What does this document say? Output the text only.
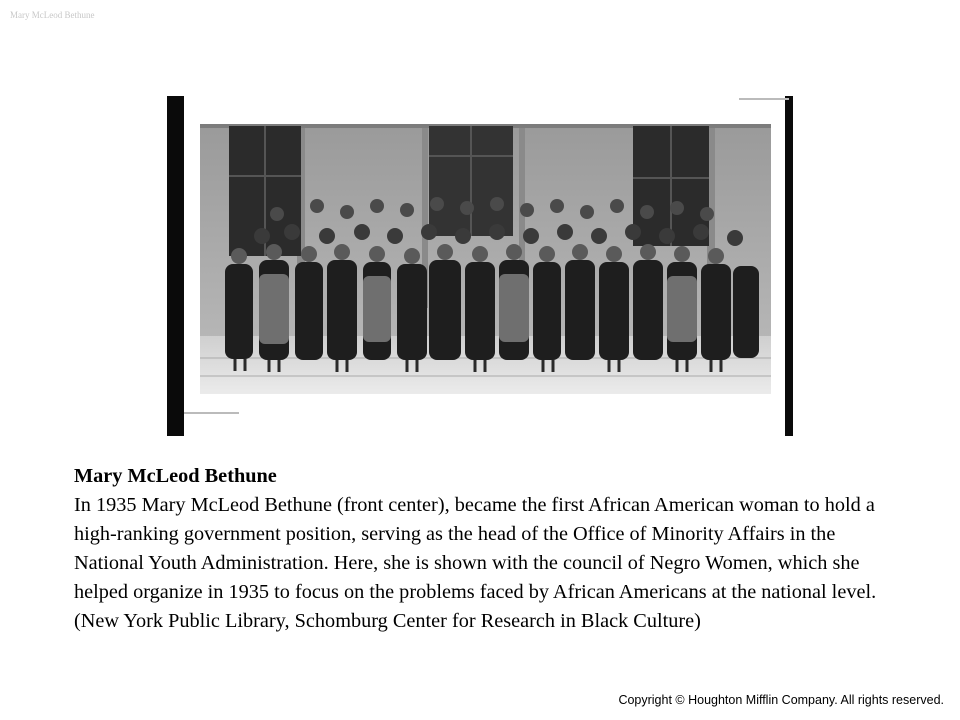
Mary McLeod Bethune
Mary McLeod Bethune
In 1935 Mary McLeod Bethune (front center), became the first African American woman to hold a high-ranking government position, serving as the head of the Office of Minority Affairs in the National Youth Administration. Here, she is shown with the council of Negro Women, which she helped organize in 1935 to focus on the problems faced by African Americans at the national level. (New York Public Library, Schomburg Center for Research in Black Culture)
Copyright © Houghton Mifflin Company. All rights reserved.
